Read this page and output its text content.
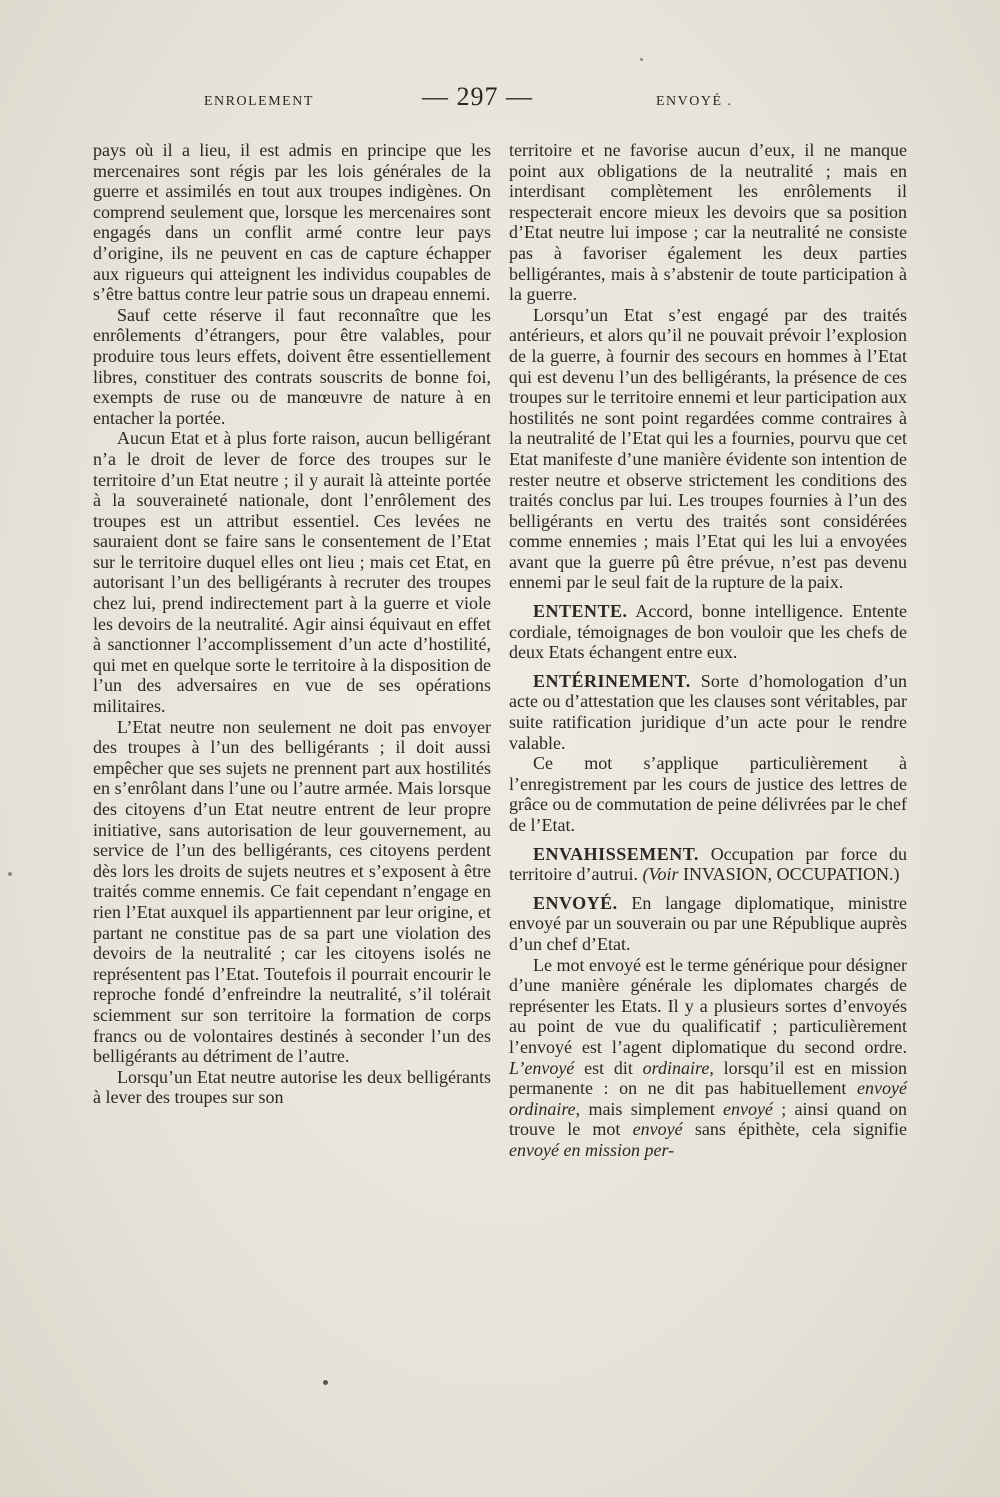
ENROLEMENT	— 297 —	ENVOYÉ .

pays où il a lieu, il est admis en principe que les mercenaires sont régis par les lois générales de la guerre et assimilés en tout aux troupes indigènes. On comprend seulement que, lorsque les mercenaires sont engagés dans un conflit armé contre leur pays d’origine, ils ne peuvent en cas de capture échapper aux rigueurs qui atteignent les individus coupables de s’être battus contre leur patrie sous un drapeau ennemi.

Sauf cette réserve il faut reconnaître que les enrôlements d’étrangers, pour être valables, pour produire tous leurs effets, doivent être essentiellement libres, constituer des contrats souscrits de bonne foi, exempts de ruse ou de manœuvre de nature à en entacher la portée.

Aucun Etat et à plus forte raison, aucun belligérant n’a le droit de lever de force des troupes sur le territoire d’un Etat neutre ; il y aurait là atteinte portée à la souveraineté nationale, dont l’enrôlement des troupes est un attribut essentiel. Ces levées ne sauraient dont se faire sans le consentement de l’Etat sur le territoire duquel elles ont lieu ; mais cet Etat, en autorisant l’un des belligérants à recruter des troupes chez lui, prend indirectement part à la guerre et viole les devoirs de la neutralité. Agir ainsi équivaut en effet à sanctionner l’accomplissement d’un acte d’hostilité, qui met en quelque sorte le territoire à la disposition de l’un des adversaires en vue de ses opérations militaires.

L’Etat neutre non seulement ne doit pas envoyer des troupes à l’un des belligérants ; il doit aussi empêcher que ses sujets ne prennent part aux hostilités en s’enrôlant dans l’une ou l’autre armée. Mais lorsque des citoyens d’un Etat neutre entrent de leur propre initiative, sans autorisation de leur gouvernement, au service de l’un des belligérants, ces citoyens perdent dès lors les droits de sujets neutres et s’exposent à être traités comme ennemis. Ce fait cependant n’engage en rien l’Etat auxquel ils appartiennent par leur origine, et partant ne constitue pas de sa part une violation des devoirs de la neutralité ; car les citoyens isolés ne représentent pas l’Etat. Toutefois il pourrait encourir le reproche fondé d’enfreindre la neutralité, s’il tolérait sciemment sur son territoire la formation de corps francs ou de volontaires destinés à seconder l’un des belligérants au détriment de l’autre.

Lorsqu’un Etat neutre autorise les deux belligérants à lever des troupes sur son

territoire et ne favorise aucun d’eux, il ne manque point aux obligations de la neutralité ; mais en interdisant complètement les enrôlements il respecterait encore mieux les devoirs que sa position d’Etat neutre lui impose ; car la neutralité ne consiste pas à favoriser également les deux parties belligérantes, mais à s’abstenir de toute participation à la guerre.

Lorsqu’un Etat s’est engagé par des traités antérieurs, et alors qu’il ne pouvait prévoir l’explosion de la guerre, à fournir des secours en hommes à l’Etat qui est devenu l’un des belligérants, la présence de ces troupes sur le territoire ennemi et leur participation aux hostilités ne sont point regardées comme contraires à la neutralité de l’Etat qui les a fournies, pourvu que cet Etat manifeste d’une manière évidente son intention de rester neutre et observe strictement les conditions des traités conclus par lui. Les troupes fournies à l’un des belligérants en vertu des traités sont considérées comme ennemies ; mais l’Etat qui les lui a envoyées avant que la guerre pû être prévue, n’est pas devenu ennemi par le seul fait de la rupture de la paix.

ENTENTE. Accord, bonne intelligence. Entente cordiale, témoignages de bon vouloir que les chefs de deux Etats échangent entre eux.

ENTÉRINEMENT. Sorte d’homologation d’un acte ou d’attestation que les clauses sont véritables, par suite ratification juridique d’un acte pour le rendre valable.

Ce mot s’applique particulièrement à l’enregistrement par les cours de justice des lettres de grâce ou de commutation de peine délivrées par le chef de l’Etat.

ENVAHISSEMENT. Occupation par force du territoire d’autrui. (Voir INVASION, OCCUPATION.)

ENVOYÉ. En langage diplomatique, ministre envoyé par un souverain ou par une République auprès d’un chef d’Etat.

Le mot envoyé est le terme générique pour désigner d’une manière générale les diplomates chargés de représenter les Etats. Il y a plusieurs sortes d’envoyés au point de vue du qualificatif ; particulièrement l’envoyé est l’agent diplomatique du second ordre. L’envoyé est dit ordinaire, lorsqu’il est en mission permanente : on ne dit pas habituellement envoyé ordinaire, mais simplement envoyé ; ainsi quand on trouve le mot envoyé sans épithète, cela signifie envoyé en mission per-
